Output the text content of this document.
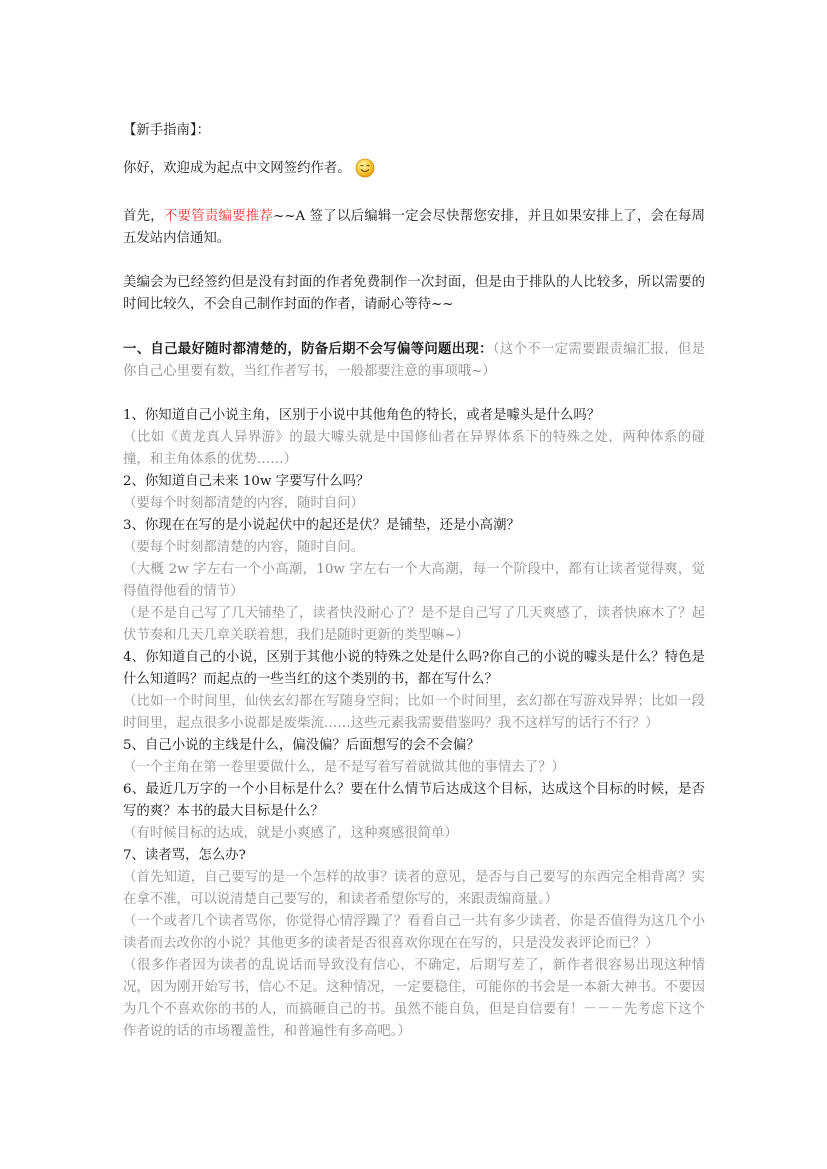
【新手指南】：

你好，欢迎成为起点中文网签约作者。

首先，不要管责编要推荐~~A 签了以后编辑一定会尽快帮您安排，并且如果安排上了，会在每周五发站内信通知。

美编会为已经签约但是没有封面的作者免费制作一次封面，但是由于排队的人比较多，所以需要的时间比较久，不会自己制作封面的作者，请耐心等待~~

一、自己最好随时都清楚的，防备后期不会写偏等问题出现：（这个不一定需要跟责编汇报，但是你自己心里要有数，当红作者写书，一般都要注意的事项哦~）

1、你知道自己小说主角，区别于小说中其他角色的特长，或者是噱头是什么吗？

（比如《黄龙真人异界游》的最大噱头就是中国修仙者在异界体系下的特殊之处，两种体系的碰撞，和主角体系的优势……）

2、你知道自己未来 10w 字要写什么吗？

（要每个时刻都清楚的内容，随时自问）

3、你现在在写的是小说起伏中的起还是伏？是铺垫，还是小高潮？

（要每个时刻都清楚的内容，随时自问。

（大概 2w 字左右一个小高潮，10w 字左右一个大高潮，每一个阶段中，都有让读者觉得爽，觉得值得他看的情节）

（是不是自己写了几天铺垫了，读者快没耐心了？是不是自己写了几天爽感了，读者快麻木了？起伏节奏和几天几章关联着想，我们是随时更新的类型嘛~）

4、你知道自己的小说，区别于其他小说的特殊之处是什么吗?你自己的小说的噱头是什么？特色是什么知道吗？而起点的一些当红的这个类别的书，都在写什么？

（比如一个时间里，仙侠玄幻都在写随身空间；比如一个时间里，玄幻都在写游戏异界；比如一段时间里，起点很多小说都是废柴流……这些元素我需要借鉴吗？我不这样写的话行不行？）

5、自己小说的主线是什么，偏没偏？后面想写的会不会偏？

（一个主角在第一卷里要做什么，是不是写着写着就做其他的事情去了？）

6、最近几万字的一个小目标是什么？要在什么情节后达成这个目标，达成这个目标的时候，是否写的爽？本书的最大目标是什么？

（有时候目标的达成，就是小爽感了，这种爽感很简单）

7、读者骂，怎么办?

（首先知道，自己要写的是一个怎样的故事？读者的意见，是否与自己要写的东西完全相背离？实在拿不准，可以说清楚自己要写的，和读者希望你写的，来跟责编商量。）

（一个或者几个读者骂你，你觉得心情浮躁了？看看自己一共有多少读者，你是否值得为这几个小读者而去改你的小说？其他更多的读者是否很喜欢你现在在写的，只是没发表评论而已？）

（很多作者因为读者的乱说话而导致没有信心，不确定，后期写差了，新作者很容易出现这种情况，因为刚开始写书，信心不足。这种情况，一定要稳住，可能你的书会是一本新大神书。不要因为几个不喜欢你的书的人，而搞砸自己的书。虽然不能自负，但是自信要有！－－－先考虑下这个作者说的话的市场覆盖性，和普遍性有多高吧。）
